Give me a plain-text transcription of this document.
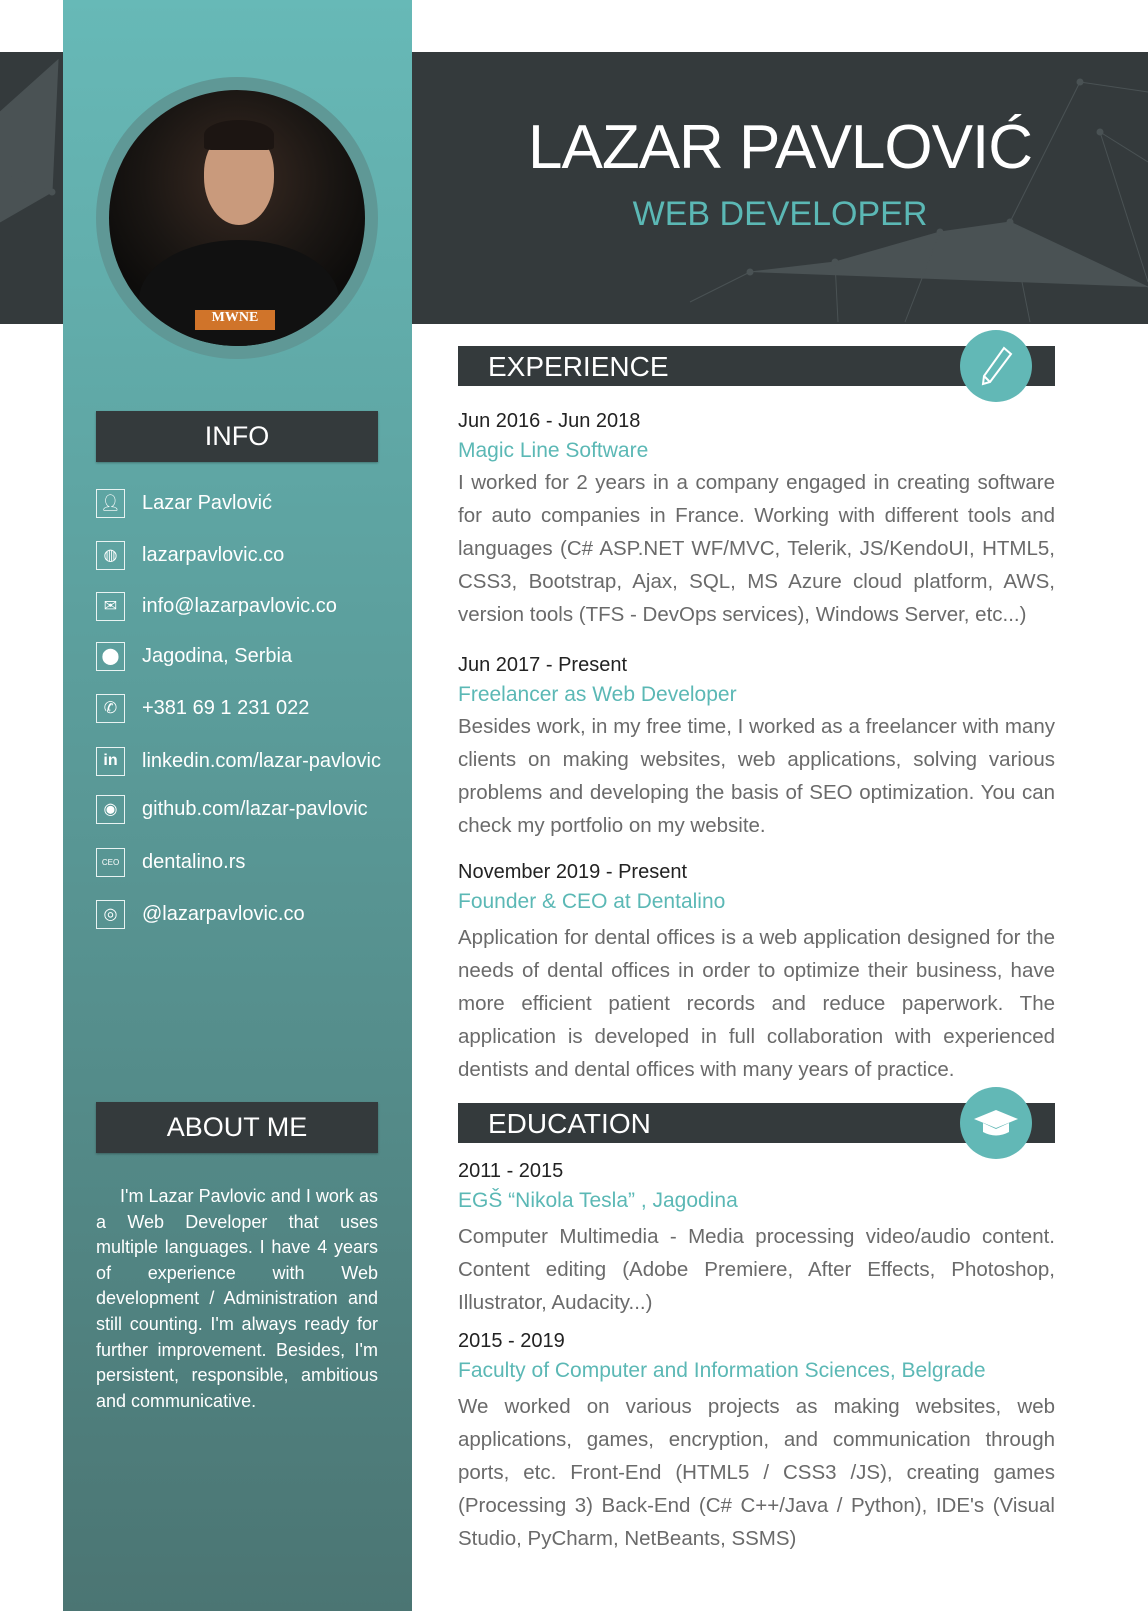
MWNE
LAZAR PAVLOVIĆ
WEB DEVELOPER
INFO
👤︎ Lazar Pavlović
◍	lazarpavlovic.co
✉	info@lazarpavlovic.co
⬤ Jagodina, Serbia
✆	+381 69 1 231 022
in	linkedin.com/lazar-pavlovic
◉	github.com/lazar-pavlovic
CEO dentalino.rs
◎	@lazarpavlovic.co
ABOUT ME
I'm Lazar Pavlovic and I work as a Web Developer that uses multiple languages. I have 4 years of experience with Web development / Administration and still counting. I'm always ready for further improvement. Besides, I'm persistent, responsible, ambitious and communicative.
EXPERIENCE
Jun 2016 - Jun 2018
Magic Line Software
I worked for 2 years in a company engaged in creating software for auto companies in France. Working with different tools and languages (C# ASP.NET WF/MVC, Telerik, JS/KendoUI, HTML5, CSS3, Bootstrap, Ajax, SQL, MS Azure cloud platform, AWS, version tools (TFS - DevOps services), Windows Server, etc...)
Jun 2017 - Present
Freelancer as Web Developer
Besides work, in my free time, I worked as a freelancer with many clients on making websites, web applications, solving various problems and developing the basis of SEO optimization. You can check my portfolio on my website.
November 2019 - Present
Founder & CEO at Dentalino
Application for dental offices is a web application designed for the needs of dental offices in order to optimize their business, have more efficient patient records and reduce paperwork. The application is developed in full collaboration with experienced dentists and dental offices with many years of practice.
EDUCATION
2011 - 2015
EGŠ “Nikola Tesla” , Jagodina
Computer Multimedia - Media processing video/audio content. Content editing (Adobe Premiere, After Effects, Photoshop, Illustrator, Audacity...)
2015 - 2019
Faculty of Computer and Information Sciences, Belgrade
We worked on various projects as making websites, web applications, games, encryption, and communication through ports, etc. Front-End (HTML5 / CSS3 /JS), creating games (Processing 3) Back-End (C# C++/Java / Python), IDE's (Visual Studio, PyCharm, NetBeants, SSMS)
